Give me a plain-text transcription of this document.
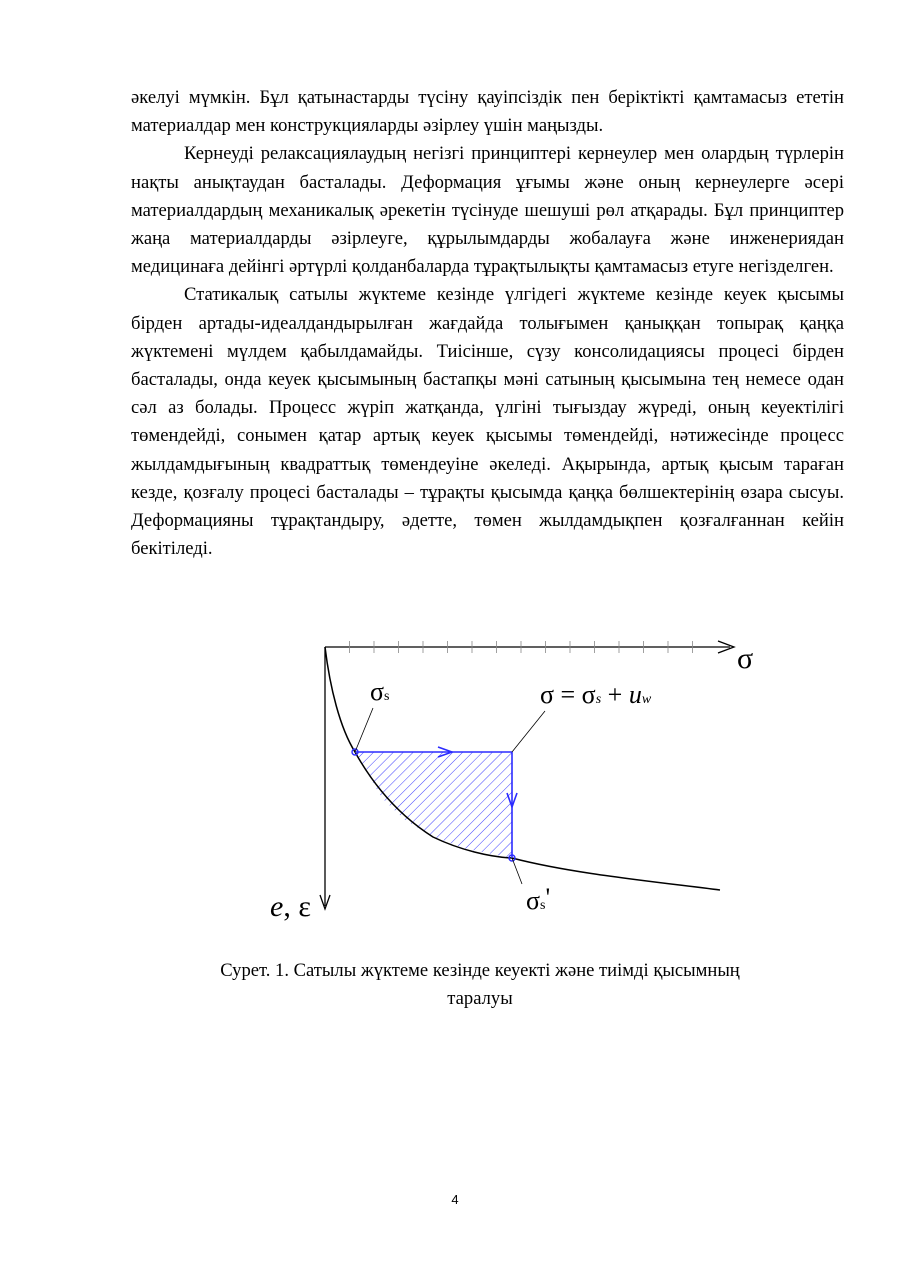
әкелуі мүмкін. Бұл қатынастарды түсіну қауіпсіздік пен беріктікті қамтамасыз ететін материалдар мен конструкцияларды әзірлеу үшін маңызды.

Кернеуді релаксациялаудың негізгі принциптері кернеулер мен олардың түрлерін нақты анықтаудан басталады. Деформация ұғымы және оның кернеулерге әсері материалдардың механикалық әрекетін түсінуде шешуші рөл атқарады. Бұл принциптер жаңа материалдарды әзірлеуге, құрылымдарды жобалауға және инженериядан медицинаға дейінгі әртүрлі қолданбаларда тұрақтылықты қамтамасыз етуге негізделген.

Статикалық сатылы жүктеме кезінде үлгідегі жүктеме кезінде кеуек қысымы бірден артады-идеалдандырылған жағдайда толығымен қаныққан топырақ қаңқа жүктемені мүлдем қабылдамайды. Тиісінше, сүзу консолидациясы процесі бірден басталады, онда кеуек қысымының бастапқы мәні сатының қысымына тең немесе одан сәл аз болады. Процесс жүріп жатқанда, үлгіні тығыздау жүреді, оның кеуектілігі төмендейді, сонымен қатар артық кеуек қысымы төмендейді, нәтижесінде процесс жылдамдығының квадраттық төмендеуіне әкеледі. Ақырында, артық қысым тараған кезде, қозғалу процесі басталады – тұрақты қысымда қаңқа бөлшектерінің өзара сысуы. Деформацияны тұрақтандыру, әдетте, төмен жылдамдықпен қозғалғаннан кейін бекітіледі.

σ
σs	σ = σs + uw
σs'
e, ε
Сурет. 1. Сатылы жүктеме кезінде кеуекті және тиімді қысымның
таралуы
4
